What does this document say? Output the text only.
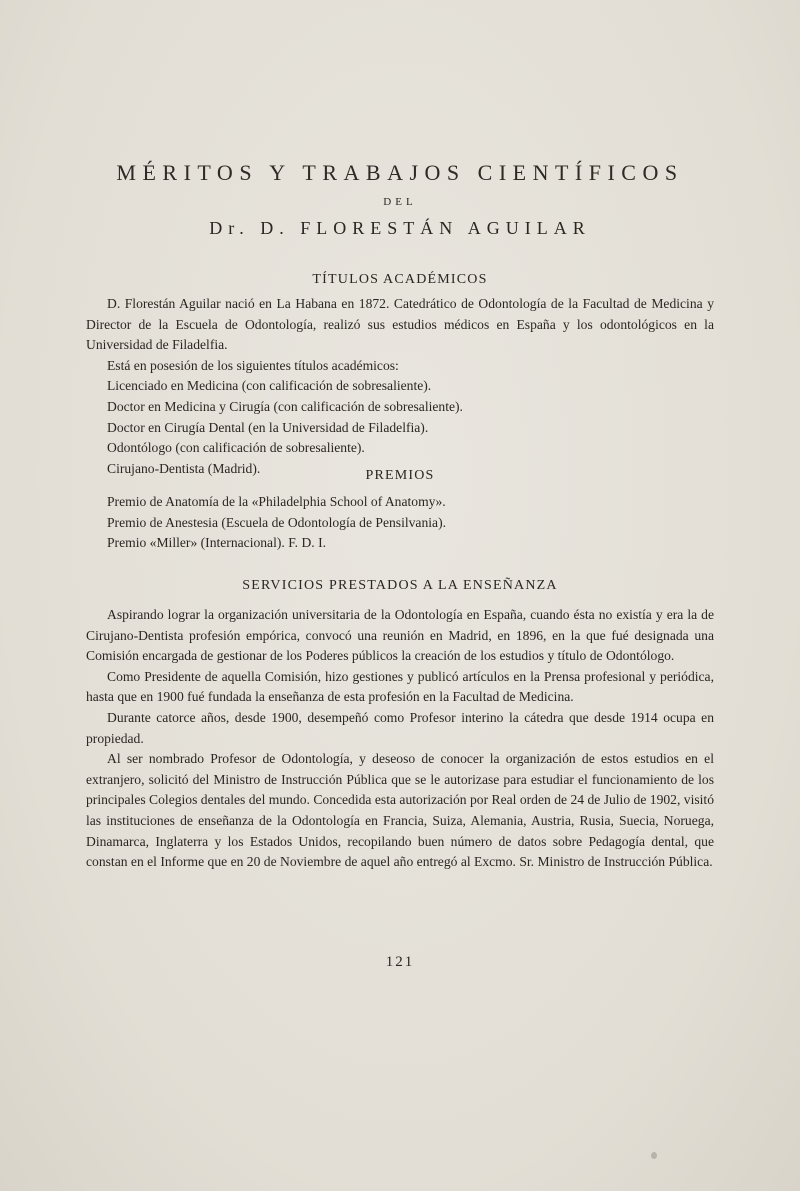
MÉRITOS Y TRABAJOS CIENTÍFICOS
DEL
Dr. D. FLORESTÁN AGUILAR
TÍTULOS ACADÉMICOS

D. Florestán Aguilar nació en La Habana en 1872. Catedrático de Odontología de la Facultad de Medicina y Director de la Escuela de Odontología, realizó sus estudios médicos en España y los odontológicos en la Universidad de Filadelfia.

Está en posesión de los siguientes títulos académicos:

Licenciado en Medicina (con calificación de sobresaliente).

Doctor en Medicina y Cirugía (con calificación de sobresaliente).

Doctor en Cirugía Dental (en la Universidad de Filadelfia).

Odontólogo (con calificación de sobresaliente).

Cirujano-Dentista (Madrid).	PREMIOS

Premio de Anatomía de la «Philadelphia School of Anatomy».

Premio de Anestesia (Escuela de Odontología de Pensilvania).

Premio «Miller» (Internacional). F. D. I.

SERVICIOS PRESTADOS A LA ENSEÑANZA

Aspirando lograr la organización universitaria de la Odontología en España, cuando ésta no existía y era la de Cirujano-Dentista profesión empórica, convocó una reunión en Madrid, en 1896, en la que fué designada una Comisión encargada de gestionar de los Poderes públicos la creación de los estudios y título de Odontólogo.

Como Presidente de aquella Comisión, hizo gestiones y publicó artículos en la Prensa profesional y periódica, hasta que en 1900 fué fundada la enseñanza de esta profesión en la Facultad de Medicina.

Durante catorce años, desde 1900, desempeñó como Profesor interino la cátedra que desde 1914 ocupa en propiedad.

Al ser nombrado Profesor de Odontología, y deseoso de conocer la organización de estos estudios en el extranjero, solicitó del Ministro de Instrucción Pública que se le autorizase para estudiar el funcionamiento de los principales Colegios dentales del mundo. Concedida esta autorización por Real orden de 24 de Julio de 1902, visitó las instituciones de enseñanza de la Odontología en Francia, Suiza, Alemania, Austria, Rusia, Suecia, Noruega, Dinamarca, Inglaterra y los Estados Unidos, recopilando buen número de datos sobre Pedagogía dental, que constan en el Informe que en 20 de Noviembre de aquel año entregó al Excmo. Sr. Ministro de Instrucción Pública.

121
